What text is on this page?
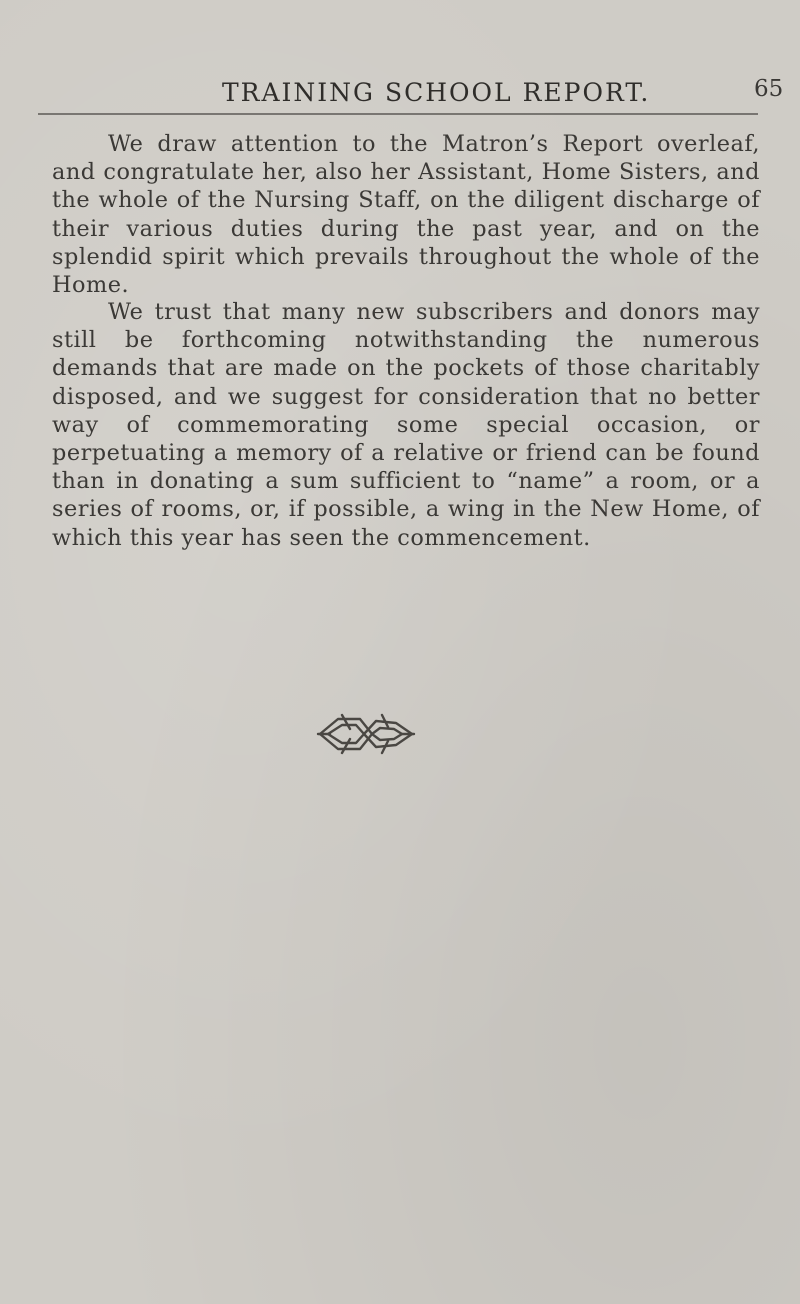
TRAINING SCHOOL REPORT.	65

We draw attention to the Matron’s Report overleaf, and congratulate her, also her Assistant, Home Sisters, and the whole of the Nursing Staff, on the diligent discharge of their various duties during the past year, and on the splendid spirit which prevails throughout the whole of the Home.

We trust that many new subscribers and donors may still be forthcoming notwithstanding the numerous demands that are made on the pockets of those charitably disposed, and we suggest for consideration that no better way of commemorating some special occasion, or perpetuating a memory of a relative or friend can be found than in donating a sum sufficient to “name” a room, or a series of rooms, or, if possible, a wing in the New Home, of which this year has seen the commencement.
